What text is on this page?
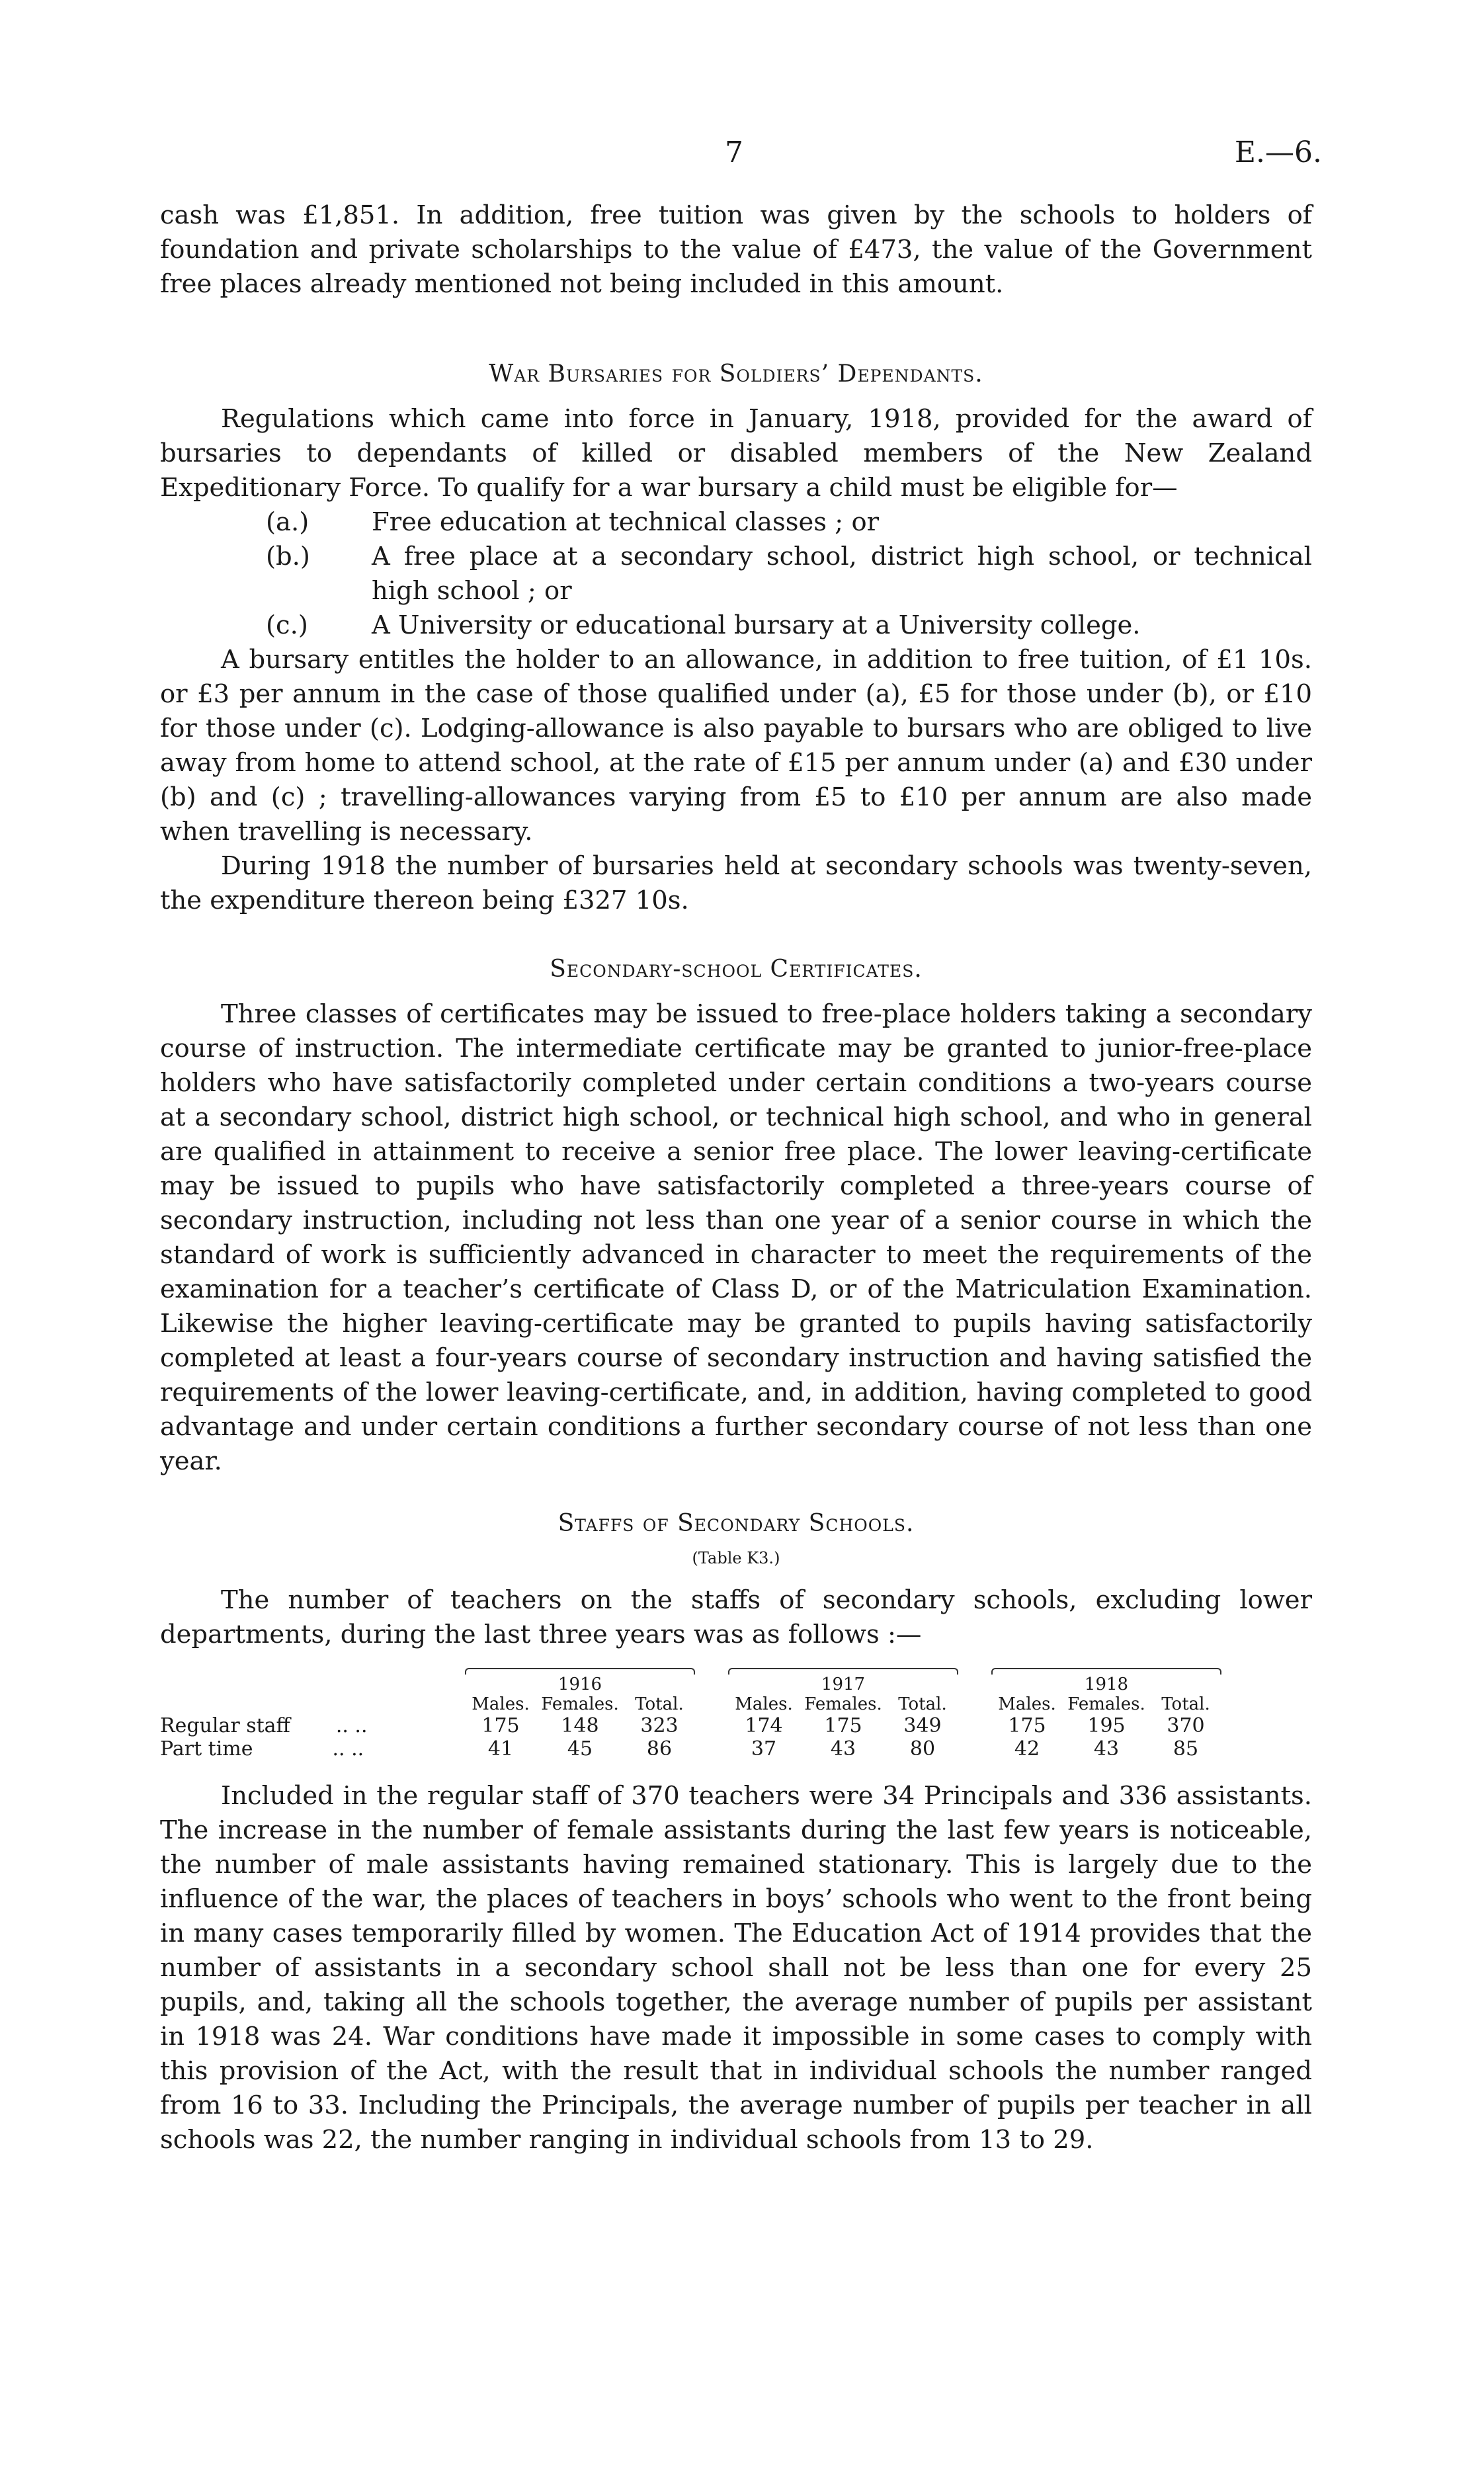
7	E.—6.

cash was £1,851. In addition, free tuition was given by the schools to holders of foundation and private scholarships to the value of £473, the value of the Government free places already mentioned not being included in this amount.

War Bursaries for Soldiers’ Dependants.

Regulations which came into force in January, 1918, provided for the award of bursaries to dependants of killed or disabled members of the New Zealand Expeditionary Force. To qualify for a war bursary a child must be eligible for—

(a.)	Free education at technical classes ; or
(b.)	A free place at a secondary school, district high school, or technical high school ; or
(c.)	A University or educational bursary at a University college.

A bursary entitles the holder to an allowance, in addition to free tuition, of £1 10s. or £3 per annum in the case of those qualified under (a), £5 for those under (b), or £10 for those under (c). Lodging-allowance is also payable to bursars who are obliged to live away from home to attend school, at the rate of £15 per annum under (a) and £30 under (b) and (c) ; travelling-allowances varying from £5 to £10 per annum are also made when travelling is necessary.

During 1918 the number of bursaries held at secondary schools was twenty-seven, the expenditure thereon being £327 10s.

Secondary-school Certificates.

Three classes of certificates may be issued to free-place holders taking a secondary course of instruction. The intermediate certificate may be granted to junior-free-place holders who have satisfactorily completed under certain conditions a two-years course at a secondary school, district high school, or technical high school, and who in general are qualified in attainment to receive a senior free place. The lower leaving-certificate may be issued to pupils who have satisfactorily completed a three-years course of secondary instruction, including not less than one year of a senior course in which the standard of work is sufficiently advanced in character to meet the requirements of the examination for a teacher’s certificate of Class D, or of the Matriculation Examination. Likewise the higher leaving-certificate may be granted to pupils having satisfactorily completed at least a four-years course of secondary instruction and having satisfied the requirements of the lower leaving-certificate, and, in addition, having completed to good advantage and under certain conditions a further secondary course of not less than one year.

Staffs of Secondary Schools.

(Table K3.)

The number of teachers on the staffs of secondary schools, excluding lower departments, during the last three years was as follows :—

1916				1917				1918		
	Males.	Females.	Total.		Males.	Females.	Total.		Males.	Females.	Total.
Regular staff .. ..	175	148	323		174	175	349		175	195	370
Part time .. ..	41	45	86		37	43	80		42	43	85

Included in the regular staff of 370 teachers were 34 Principals and 336 assistants. The increase in the number of female assistants during the last few years is noticeable, the number of male assistants having remained stationary. This is largely due to the influence of the war, the places of teachers in boys’ schools who went to the front being in many cases temporarily filled by women. The Education Act of 1914 provides that the number of assistants in a secondary school shall not be less than one for every 25 pupils, and, taking all the schools together, the average number of pupils per assistant in 1918 was 24. War conditions have made it impossible in some cases to comply with this provision of the Act, with the result that in individual schools the number ranged from 16 to 33. Including the Principals, the average number of pupils per teacher in all schools was 22, the number ranging in individual schools from 13 to 29.
